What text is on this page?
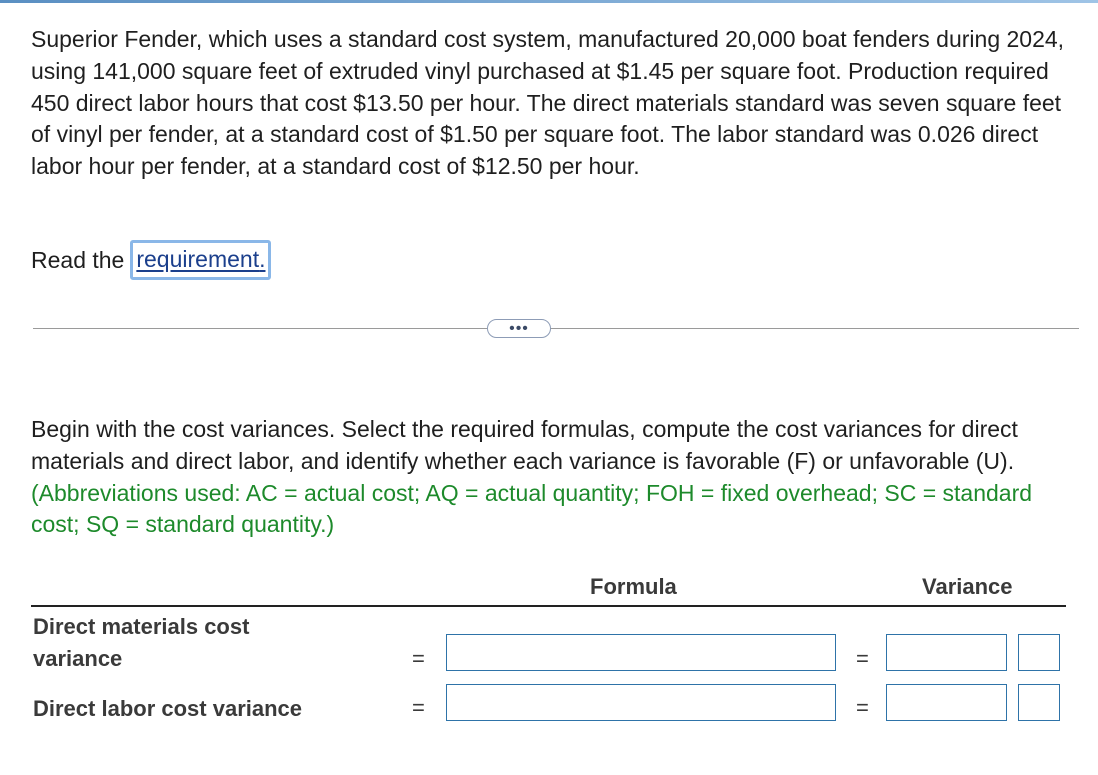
Superior Fender, which uses a standard cost system, manufactured 20,000 boat fenders during 2024, using 141,000 square feet of extruded vinyl purchased at $1.45 per square foot. Production required 450 direct labor hours that cost $13.50 per hour. The direct materials standard was seven square feet of vinyl per fender, at a standard cost of $1.50 per square foot. The labor standard was 0.026 direct labor hour per fender, at a standard cost of $12.50 per hour.

Read the requirement.
•••

Begin with the cost variances. Select the required formulas, compute the cost variances for direct materials and direct labor, and identify whether each variance is favorable (F) or unfavorable (U). (Abbreviations used: AC = actual cost; AQ = actual quantity; FOH = fixed overhead; SC = standard cost; SQ = standard quantity.)

Formula	Variance
Direct materials cost variance	=	=
Direct labor cost variance	=	=
